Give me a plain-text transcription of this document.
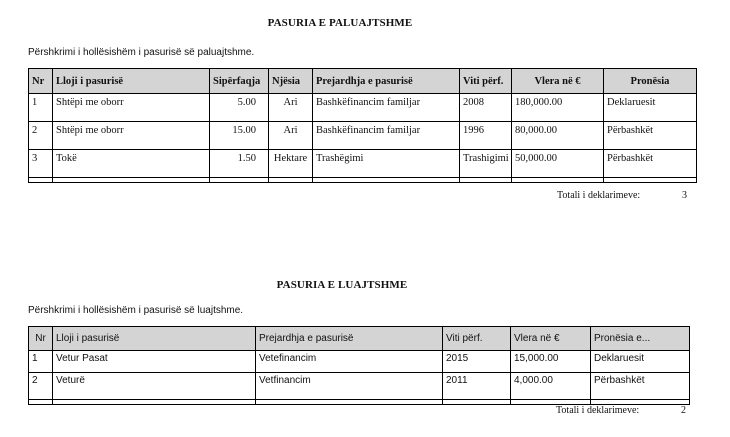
PASURIA E PALUAJTSHME
Përshkrimi i hollësishëm i pasurisë së paluajtshme.
Nr	Lloji i pasurisë	Sipërfaqja	Njësia	Prejardhja e pasurisë	Viti përf.	Vlera në €	Pronësia
1	Shtëpi me oborr	5.00	Ari	Bashkëfinancim familjar	2008	180,000.00	Deklaruesit
2	Shtëpi me oborr	15.00	Ari	Bashkëfinancim familjar	1996	80,000.00	Përbashkët
3	Tokë	1.50	Hektare	Trashëgimi	Trashigimi	50,000.00	Përbashkët

Totali i deklarimeve:	3
PASURIA E LUAJTSHME
Përshkrimi i hollësishëm i pasurisë së luajtshme.
Nr	Lloji i pasurisë	Prejardhja e pasurisë	Viti përf.	Vlera në €	Pronësia e...
1	Vetur Pasat	Vetefinancim	2015	15,000.00	Deklaruesit
2	Veturë	Vetfinancim	2011	4,000.00	Përbashkët

Totali i deklarimeve:	2
